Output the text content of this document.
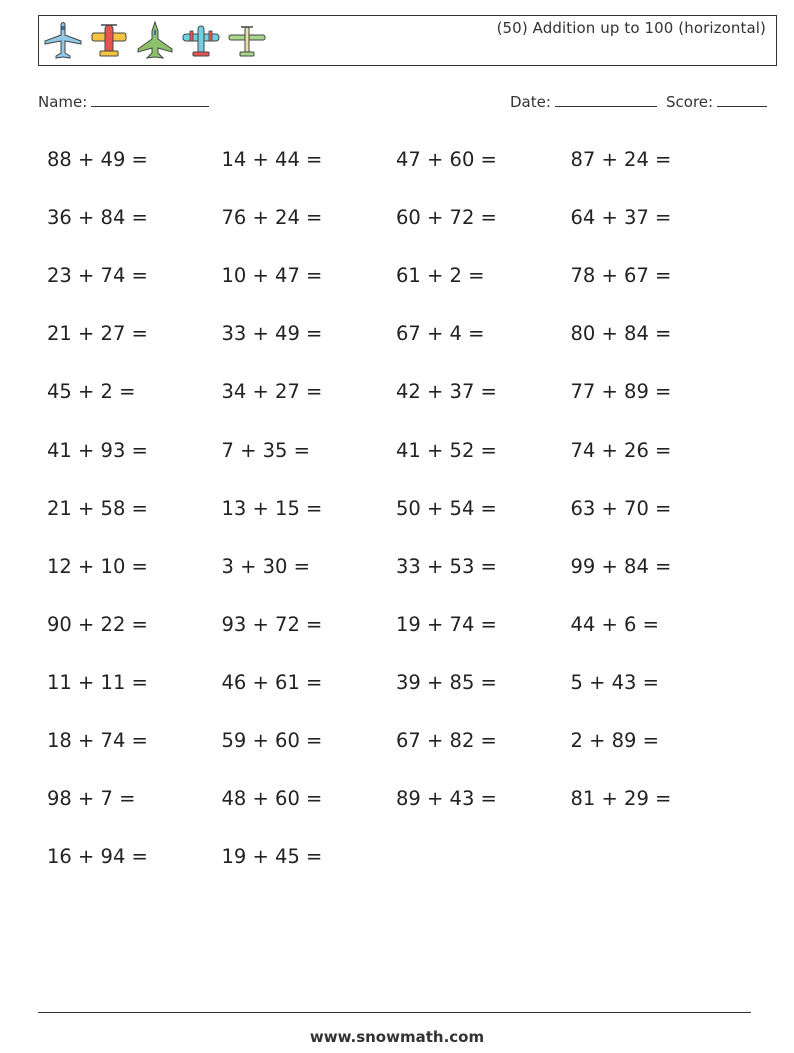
(50) Addition up to 100 (horizontal)
Name:	Date:	Score:
88 + 49 =	14 + 44 =	47 + 60 =	87 + 24 =
36 + 84 =	76 + 24 =	60 + 72 =	64 + 37 =
23 + 74 =	10 + 47 =	61 + 2 =	78 + 67 =
21 + 27 =	33 + 49 =	67 + 4 =	80 + 84 =
45 + 2 =	34 + 27 =	42 + 37 =	77 + 89 =
41 + 93 =	7 + 35 =	41 + 52 =	74 + 26 =
21 + 58 =	13 + 15 =	50 + 54 =	63 + 70 =
12 + 10 =	3 + 30 =	33 + 53 =	99 + 84 =
90 + 22 =	93 + 72 =	19 + 74 =	44 + 6 =
11 + 11 =	46 + 61 =	39 + 85 =	5 + 43 =
18 + 74 =	59 + 60 =	67 + 82 =	2 + 89 =
98 + 7 =	48 + 60 =	89 + 43 =	81 + 29 =
16 + 94 =	19 + 45 =
www.snowmath.com
